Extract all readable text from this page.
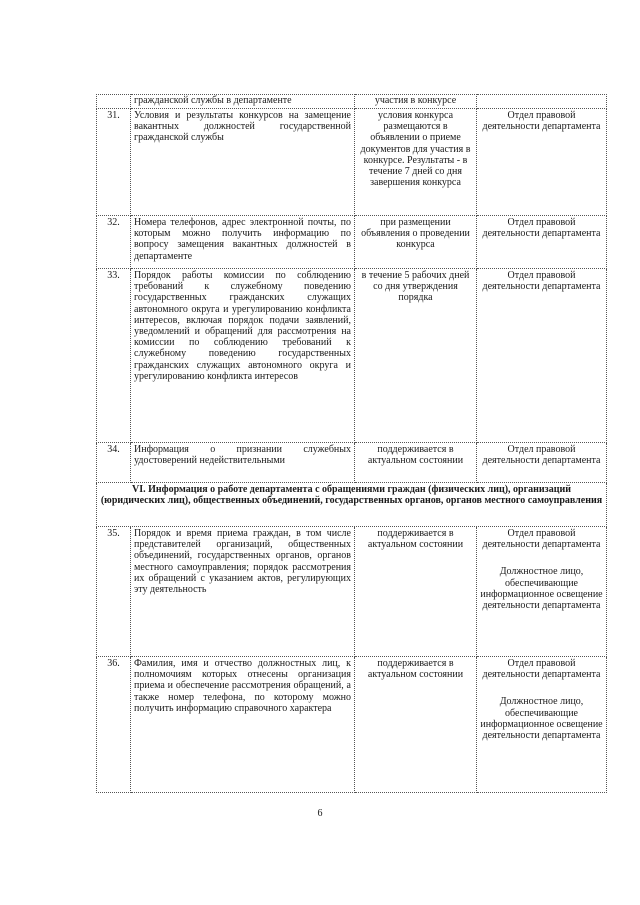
	гражданской службы в департаменте	участия в конкурсе	
31.	Условия и результаты конкурсов на замещение вакантных должностей государственной гражданской службы	условия конкурса размещаются в объявлении о приеме документов для участия в конкурсе. Результаты - в течение 7 дней со дня завершения конкурса	Отдел правовой деятельности департамента
32.	Номера телефонов, адрес электронной почты, по которым можно получить информацию по вопросу замещения вакантных должностей в департаменте	при размещении объявления о проведении конкурса	Отдел правовой деятельности департамента
33.	Порядок работы комиссии по соблюдению требований к служебному поведению государственных гражданских служащих автономного округа и урегулированию конфликта интересов, включая порядок подачи заявлений, уведомлений и обращений для рассмотрения на комиссии по соблюдению требований к служебному поведению государственных гражданских служащих автономного округа и урегулированию конфликта интересов	в течение 5 рабочих дней со дня утверждения порядка	Отдел правовой деятельности департамента
34.	Информация о признании служебных удостоверений недействительными	поддерживается в актуальном состоянии	Отдел правовой деятельности департамента
VI. Информация о работе департамента с обращениями граждан (физических лиц), организаций (юридических лиц), общественных объединений, государственных органов, органов местного самоуправления			
35.	Порядок и время приема граждан, в том числе представителей организаций, общественных объединений, государственных органов, органов местного самоуправления; порядок рассмотрения их обращений с указанием актов, регулирующих эту деятельность	поддерживается в актуальном состоянии	Отдел правовой деятельности департамента
Должностное лицо, обеспечивающие информационное освещение деятельности департамента

36.	Фамилия, имя и отчество должностных лиц, к полномочиям которых отнесены организация приема и обеспечение рассмотрения обращений, а также номер телефона, по которому можно получить информацию справочного характера	поддерживается в актуальном состоянии	Отдел правовой деятельности департамента
Должностное лицо, обеспечивающие информационное освещение деятельности департамента
6
